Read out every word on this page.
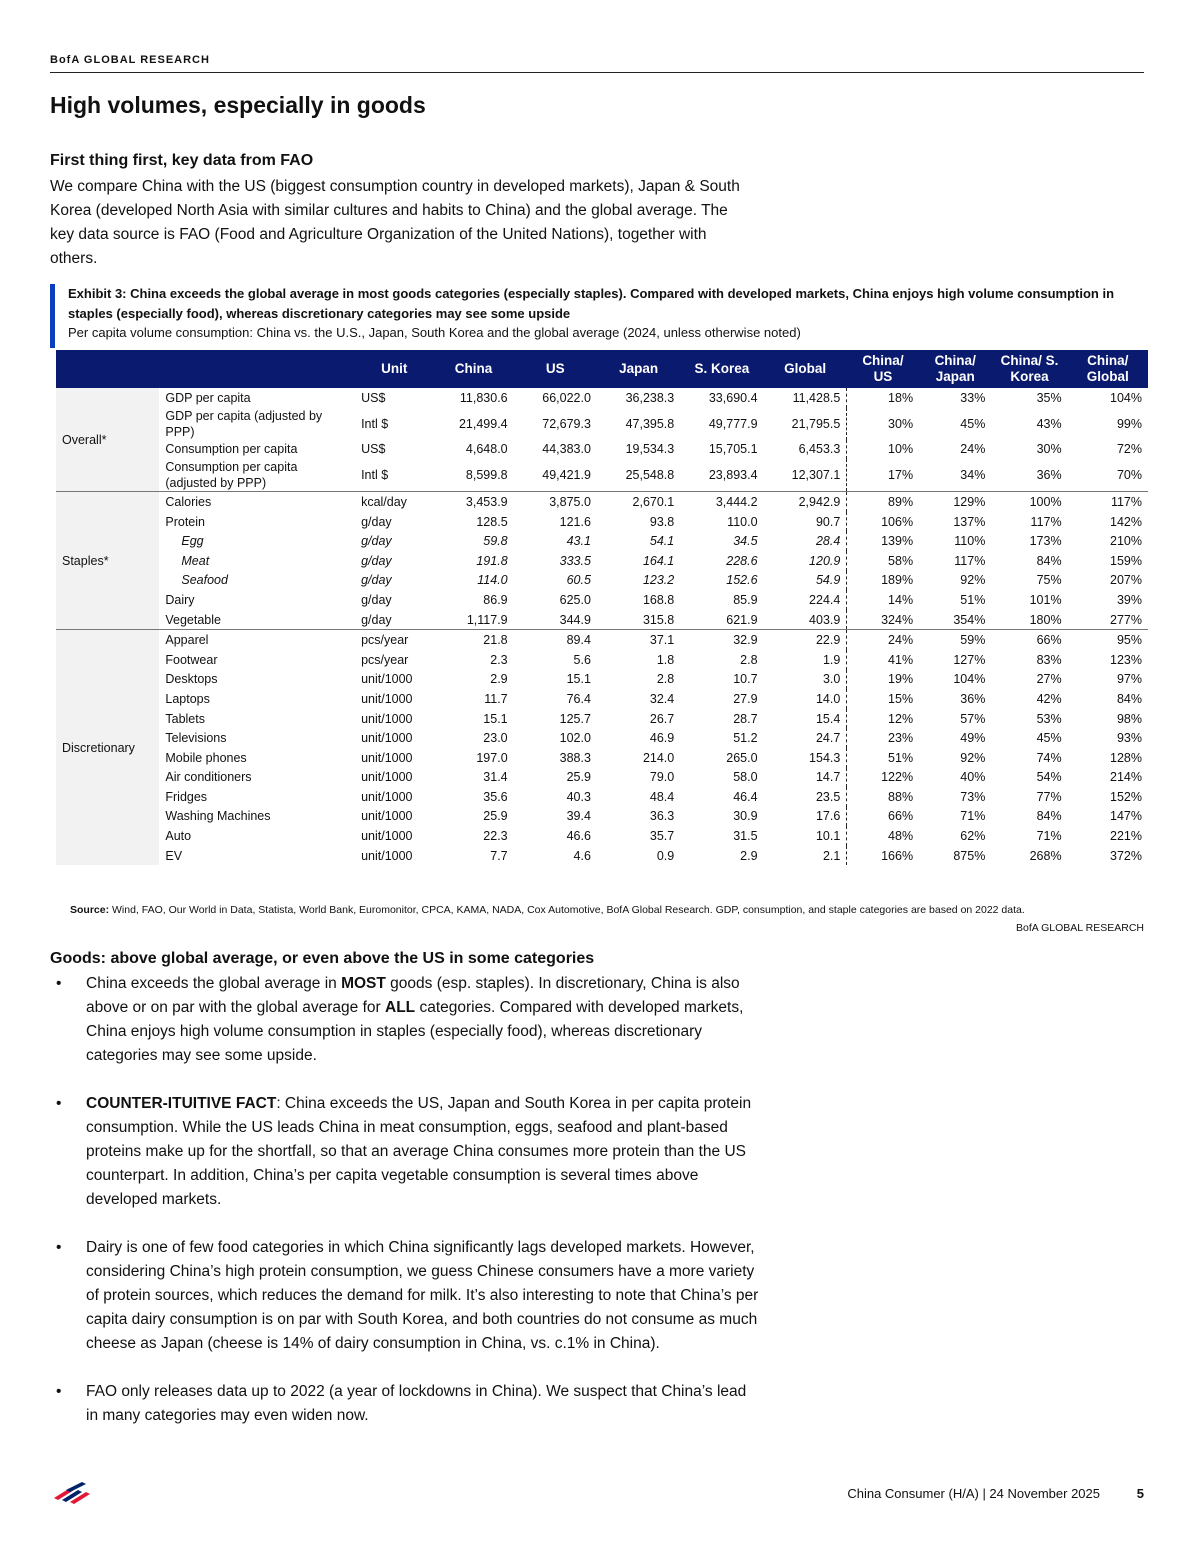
BofA GLOBAL RESEARCH
High volumes, especially in goods
First thing first, key data from FAO

We compare China with the US (biggest consumption country in developed markets), Japan & South Korea (developed North Asia with similar cultures and habits to China) and the global average. The key data source is FAO (Food and Agriculture Organization of the United Nations), together with others.

Exhibit 3: China exceeds the global average in most goods categories (especially staples). Compared with developed markets, China enjoys high volume consumption in staples (especially food), whereas discretionary categories may see some upside
Per capita volume consumption: China vs. the U.S., Japan, South Korea and the global average (2024, unless otherwise noted)
		Unit	China	US	Japan	S. Korea	Global	China/ US	China/ Japan	China/ S. Korea	China/ Global
Overall*	GDP per capita	US$	11,830.6	66,022.0	36,238.3	33,690.4	11,428.5	18%	33%	35%	104%
	GDP per capita (adjusted by PPP)	Intl $	21,499.4	72,679.3	47,395.8	49,777.9	21,795.5	30%	45%	43%	99%
	Consumption per capita	US$	4,648.0	44,383.0	19,534.3	15,705.1	6,453.3	10%	24%	30%	72%
	Consumption per capita (adjusted by PPP)	Intl $	8,599.8	49,421.9	25,548.8	23,893.4	12,307.1	17%	34%	36%	70%
Staples*	Calories	kcal/day	3,453.9	3,875.0	2,670.1	3,444.2	2,942.9	89%	129%	100%	117%
	Protein	g/day	128.5	121.6	93.8	110.0	90.7	106%	137%	117%	142%
	Egg	g/day	59.8	43.1	54.1	34.5	28.4	139%	110%	173%	210%
	Meat	g/day	191.8	333.5	164.1	228.6	120.9	58%	117%	84%	159%
	Seafood	g/day	114.0	60.5	123.2	152.6	54.9	189%	92%	75%	207%
	Dairy	g/day	86.9	625.0	168.8	85.9	224.4	14%	51%	101%	39%
	Vegetable	g/day	1,117.9	344.9	315.8	621.9	403.9	324%	354%	180%	277%
Discretionary	Apparel	pcs/year	21.8	89.4	37.1	32.9	22.9	24%	59%	66%	95%
	Footwear	pcs/year	2.3	5.6	1.8	2.8	1.9	41%	127%	83%	123%
	Desktops	unit/1000	2.9	15.1	2.8	10.7	3.0	19%	104%	27%	97%
	Laptops	unit/1000	11.7	76.4	32.4	27.9	14.0	15%	36%	42%	84%
	Tablets	unit/1000	15.1	125.7	26.7	28.7	15.4	12%	57%	53%	98%
	Televisions	unit/1000	23.0	102.0	46.9	51.2	24.7	23%	49%	45%	93%
	Mobile phones	unit/1000	197.0	388.3	214.0	265.0	154.3	51%	92%	74%	128%
	Air conditioners	unit/1000	31.4	25.9	79.0	58.0	14.7	122%	40%	54%	214%
	Fridges	unit/1000	35.6	40.3	48.4	46.4	23.5	88%	73%	77%	152%
	Washing Machines	unit/1000	25.9	39.4	36.3	30.9	17.6	66%	71%	84%	147%
	Auto	unit/1000	22.3	46.6	35.7	31.5	10.1	48%	62%	71%	221%
	EV	unit/1000	7.7	4.6	0.9	2.9	2.1	166%	875%	268%	372%
Source: Wind, FAO, Our World in Data, Statista, World Bank, Euromonitor, CPCA, KAMA, NADA, Cox Automotive, BofA Global Research. GDP, consumption, and staple categories are based on 2022 data.
BofA GLOBAL RESEARCH
Goods: above global average, or even above the US in some categories
• China exceeds the global average in MOST goods (esp. staples). In discretionary, China is also above or on par with the global average for ALL categories. Compared with developed markets, China enjoys high volume consumption in staples (especially food), whereas discretionary categories may see some upside.
• COUNTER-ITUITIVE FACT: China exceeds the US, Japan and South Korea in per capita protein consumption. While the US leads China in meat consumption, eggs, seafood and plant-based proteins make up for the shortfall, so that an average China consumes more protein than the US counterpart. In addition, China’s per capita vegetable consumption is several times above developed markets.
• Dairy is one of few food categories in which China significantly lags developed markets. However, considering China’s high protein consumption, we guess Chinese consumers have a more variety of protein sources, which reduces the demand for milk. It’s also interesting to note that China’s per capita dairy consumption is on par with South Korea, and both countries do not consume as much cheese as Japan (cheese is 14% of dairy consumption in China, vs. c.1% in China).
• FAO only releases data up to 2022 (a year of lockdowns in China). We suspect that China’s lead in many categories may even widen now.
China Consumer (H/A) | 24 November 2025	5
